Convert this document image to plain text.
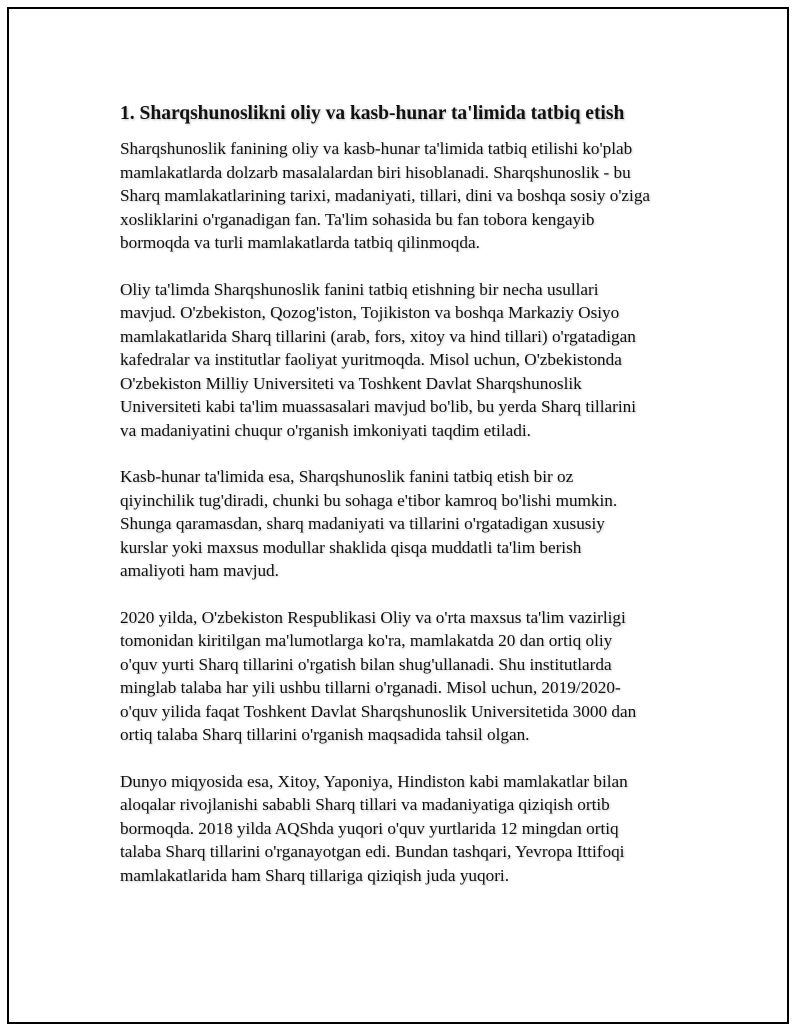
1. Sharqshunoslikni oliy va kasb-hunar ta'limida tatbiq etish
Sharqshunoslik fanining oliy va kasb-hunar ta'limida tatbiq etilishi ko'plab
mamlakatlarda dolzarb masalalardan biri hisoblanadi. Sharqshunoslik - bu
Sharq mamlakatlarining tarixi, madaniyati, tillari, dini va boshqa sosiy o'ziga
xosliklarini o'rganadigan fan. Ta'lim sohasida bu fan tobora kengayib
bormoqda va turli mamlakatlarda tatbiq qilinmoqda.
Oliy ta'limda Sharqshunoslik fanini tatbiq etishning bir necha usullari
mavjud. O'zbekiston, Qozog'iston, Tojikiston va boshqa Markaziy Osiyo
mamlakatlarida Sharq tillarini (arab, fors, xitoy va hind tillari) o'rgatadigan
kafedralar va institutlar faoliyat yuritmoqda. Misol uchun, O'zbekistonda
O'zbekiston Milliy Universiteti va Toshkent Davlat Sharqshunoslik
Universiteti kabi ta'lim muassasalari mavjud bo'lib, bu yerda Sharq tillarini
va madaniyatini chuqur o'rganish imkoniyati taqdim etiladi.
Kasb-hunar ta'limida esa, Sharqshunoslik fanini tatbiq etish bir oz
qiyinchilik tug'diradi, chunki bu sohaga e'tibor kamroq bo'lishi mumkin.
Shunga qaramasdan, sharq madaniyati va tillarini o'rgatadigan xususiy
kurslar yoki maxsus modullar shaklida qisqa muddatli ta'lim berish
amaliyoti ham mavjud.
2020 yilda, O'zbekiston Respublikasi Oliy va o'rta maxsus ta'lim vazirligi
tomonidan kiritilgan ma'lumotlarga ko'ra, mamlakatda 20 dan ortiq oliy
o'quv yurti Sharq tillarini o'rgatish bilan shug'ullanadi. Shu institutlarda
minglab talaba har yili ushbu tillarni o'rganadi. Misol uchun, 2019/2020-
o'quv yilida faqat Toshkent Davlat Sharqshunoslik Universitetida 3000 dan
ortiq talaba Sharq tillarini o'rganish maqsadida tahsil olgan.
Dunyo miqyosida esa, Xitoy, Yaponiya, Hindiston kabi mamlakatlar bilan
aloqalar rivojlanishi sababli Sharq tillari va madaniyatiga qiziqish ortib
bormoqda. 2018 yilda AQShda yuqori o'quv yurtlarida 12 mingdan ortiq
talaba Sharq tillarini o'rganayotgan edi. Bundan tashqari, Yevropa Ittifoqi
mamlakatlarida ham Sharq tillariga qiziqish juda yuqori.
